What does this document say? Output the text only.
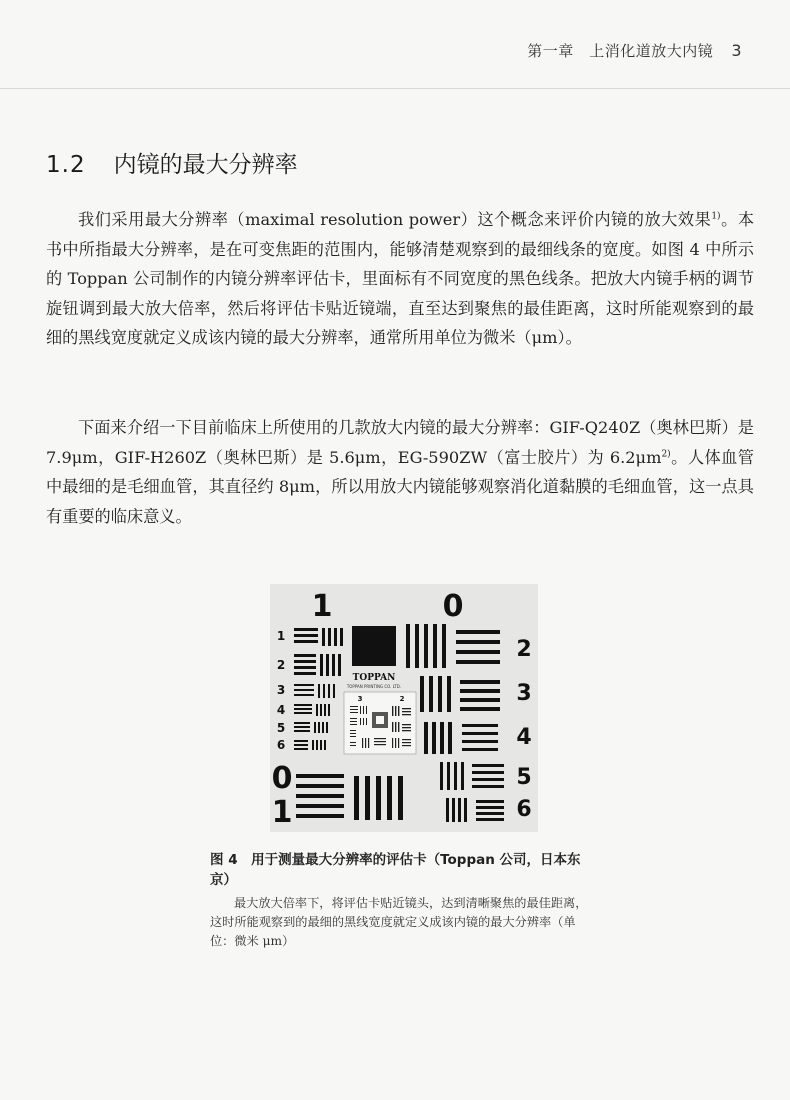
第一章　上消化道放大内镜 3
1.2 内镜的最大分辨率

我们采用最大分辨率（maximal resolution power）这个概念来评价内镜的放大效果$^{1)}$。本书中所指最大分辨率，是在可变焦距的范围内，能够清楚观察到的最细线条的宽度。如图 4 中所示的 Toppan 公司制作的内镜分辨率评估卡，里面标有不同宽度的黑色线条。把放大内镜手柄的调节旋钮调到最大放大倍率，然后将评估卡贴近镜端，直至达到聚焦的最佳距离，这时所能观察到的最细的黑线宽度就定义成该内镜的最大分辨率，通常所用单位为微米（μm）。

下面来介绍一下目前临床上所使用的几款放大内镜的最大分辨率：GIF-Q240Z（奥林巴斯）是 7.9μm，GIF-H260Z（奥林巴斯）是 5.6μm，EG-590ZW（富士胶片）为 $6.2\mu m^{2)}$。人体血管中最细的是毛细血管，其直径约 8μm，所以用放大内镜能够观察消化道黏膜的毛细血管，这一点具有重要的临床意义。

1	0
1
2
3
4
5
6
2
3
4
5
6
0
1
TOPPAN
TOPPAN PRINTING CO. LTD.
3	2

图 4　用于测量最大分辨率的评估卡（Toppan 公司，日本东京）

最大放大倍率下，将评估卡贴近镜头，达到清晰聚焦的最佳距离，这时所能观察到的最细的黑线宽度就定义成该内镜的最大分辨率（单位：微米 μm）
